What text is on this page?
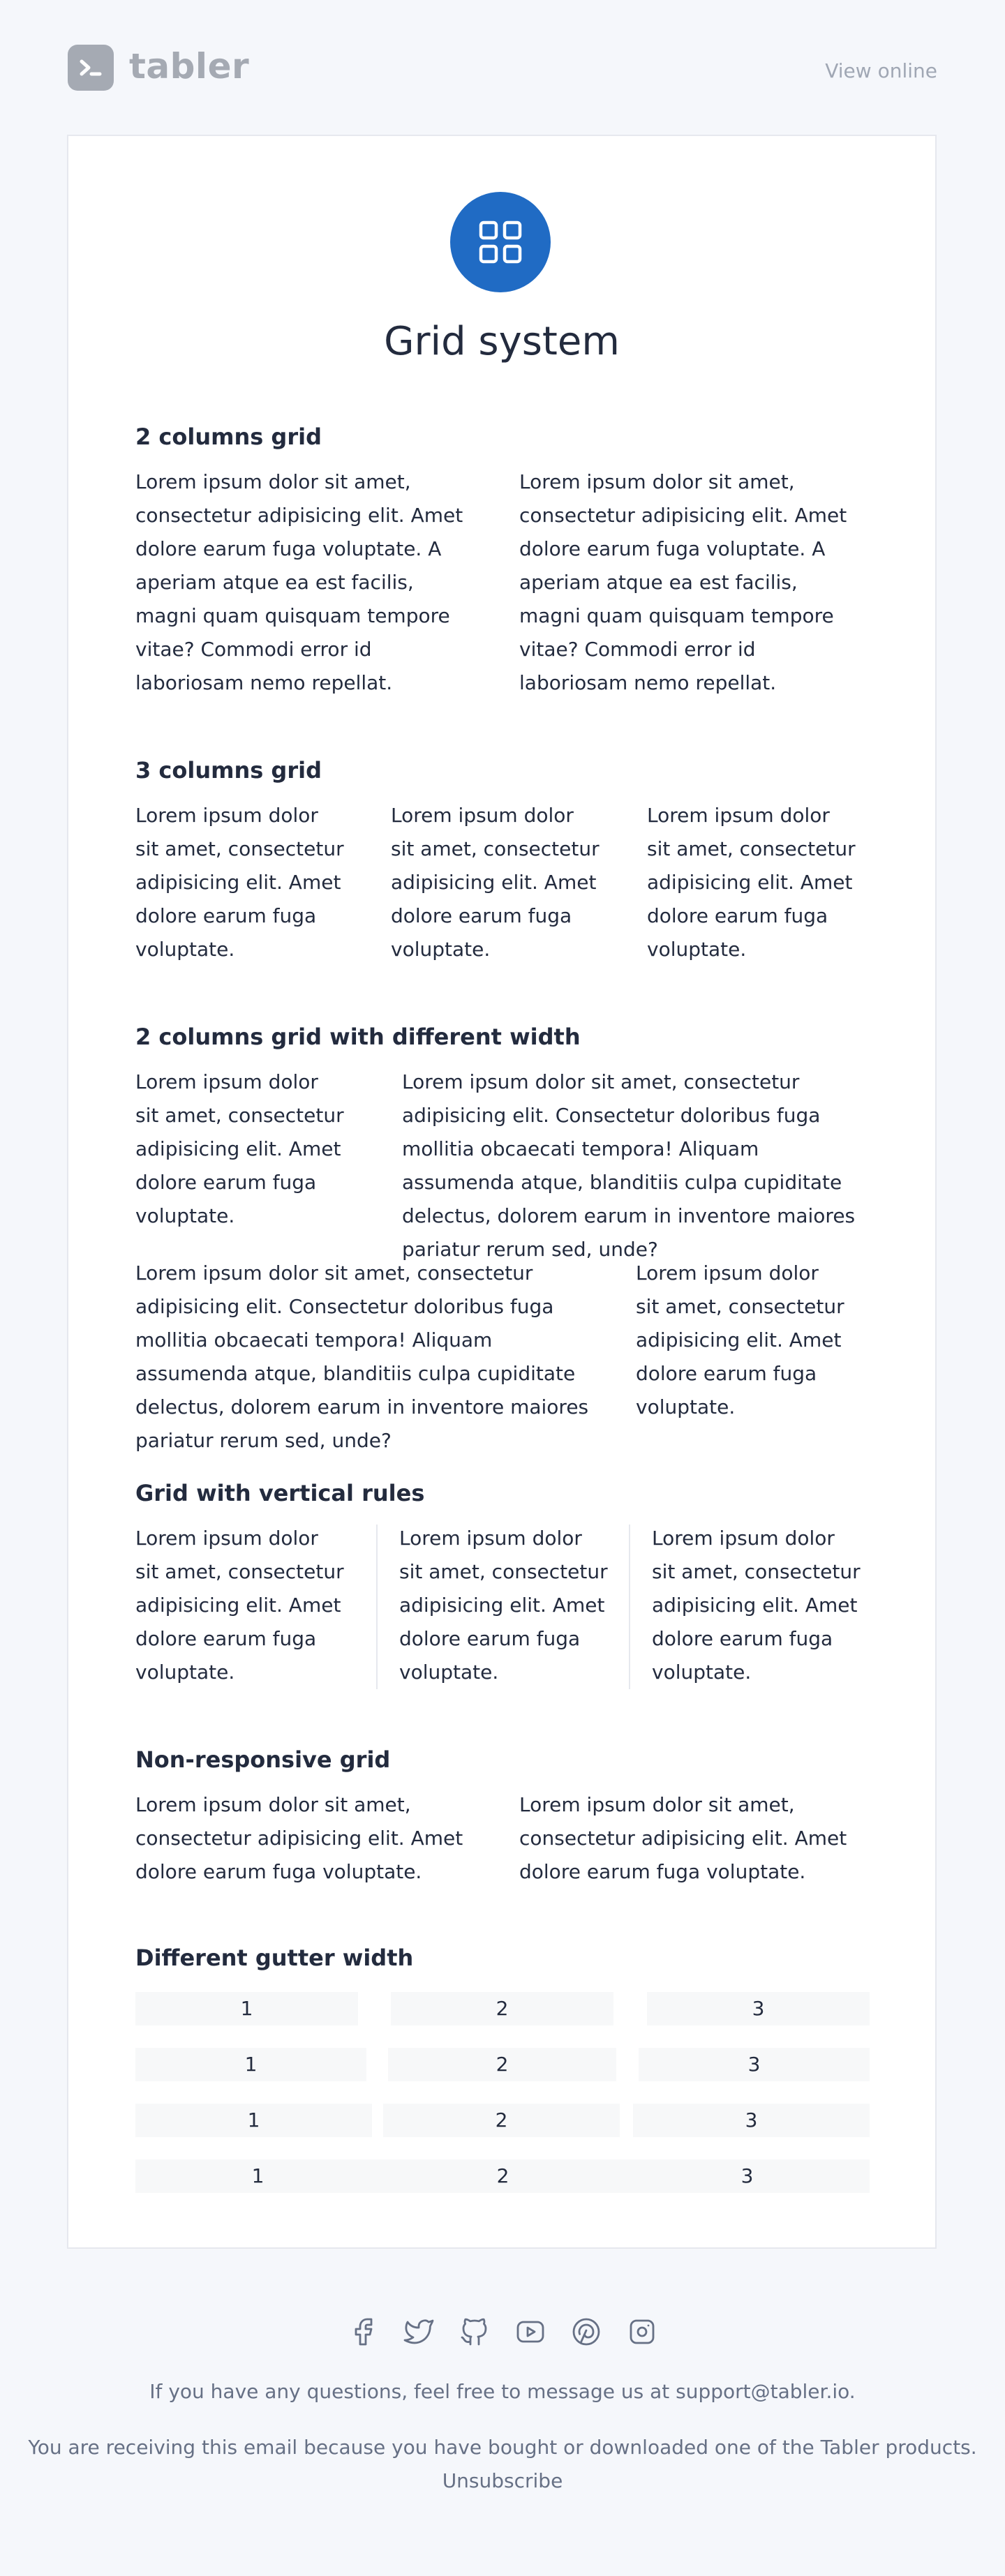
tabler	View online
Grid system
2 columns grid
Lorem ipsum dolor sit amet, consectetur adipisicing elit. Amet dolore earum fuga voluptate. A aperiam atque ea est facilis, magni quam quisquam tempore vitae? Commodi error id laboriosam nemo repellat.
Lorem ipsum dolor sit amet, consectetur adipisicing elit. Amet dolore earum fuga voluptate. A aperiam atque ea est facilis, magni quam quisquam tempore vitae? Commodi error id laboriosam nemo repellat.
3 columns grid
Lorem ipsum dolor sit amet, consectetur adipisicing elit. Amet dolore earum fuga voluptate.
Lorem ipsum dolor sit amet, consectetur adipisicing elit. Amet dolore earum fuga voluptate.
Lorem ipsum dolor sit amet, consectetur adipisicing elit. Amet dolore earum fuga voluptate.
2 columns grid with different width
Lorem ipsum dolor sit amet, consectetur adipisicing elit. Amet dolore earum fuga voluptate.
Lorem ipsum dolor sit amet, consectetur adipisicing elit. Consectetur doloribus fuga mollitia obcaecati tempora! Aliquam assumenda atque, blanditiis culpa cupiditate delectus, dolorem earum in inventore maiores pariatur rerum sed, unde?
Lorem ipsum dolor sit amet, consectetur adipisicing elit. Consectetur doloribus fuga mollitia obcaecati tempora! Aliquam assumenda atque, blanditiis culpa cupiditate delectus, dolorem earum in inventore maiores pariatur rerum sed, unde?
Lorem ipsum dolor sit amet, consectetur adipisicing elit. Amet dolore earum fuga voluptate.
Grid with vertical rules
Lorem ipsum dolor sit amet, consectetur adipisicing elit. Amet dolore earum fuga voluptate.
Lorem ipsum dolor sit amet, consectetur adipisicing elit. Amet dolore earum fuga voluptate.
Lorem ipsum dolor sit amet, consectetur adipisicing elit. Amet dolore earum fuga voluptate.
Non-responsive grid
Lorem ipsum dolor sit amet, consectetur adipisicing elit. Amet dolore earum fuga voluptate.
Lorem ipsum dolor sit amet, consectetur adipisicing elit. Amet dolore earum fuga voluptate.
Different gutter width
1	2	3
1	2	3
1	2	3
1	2	3
If you have any questions, feel free to message us at support@tabler.io.
You are receiving this email because you have bought or downloaded one of the Tabler products.
Unsubscribe
